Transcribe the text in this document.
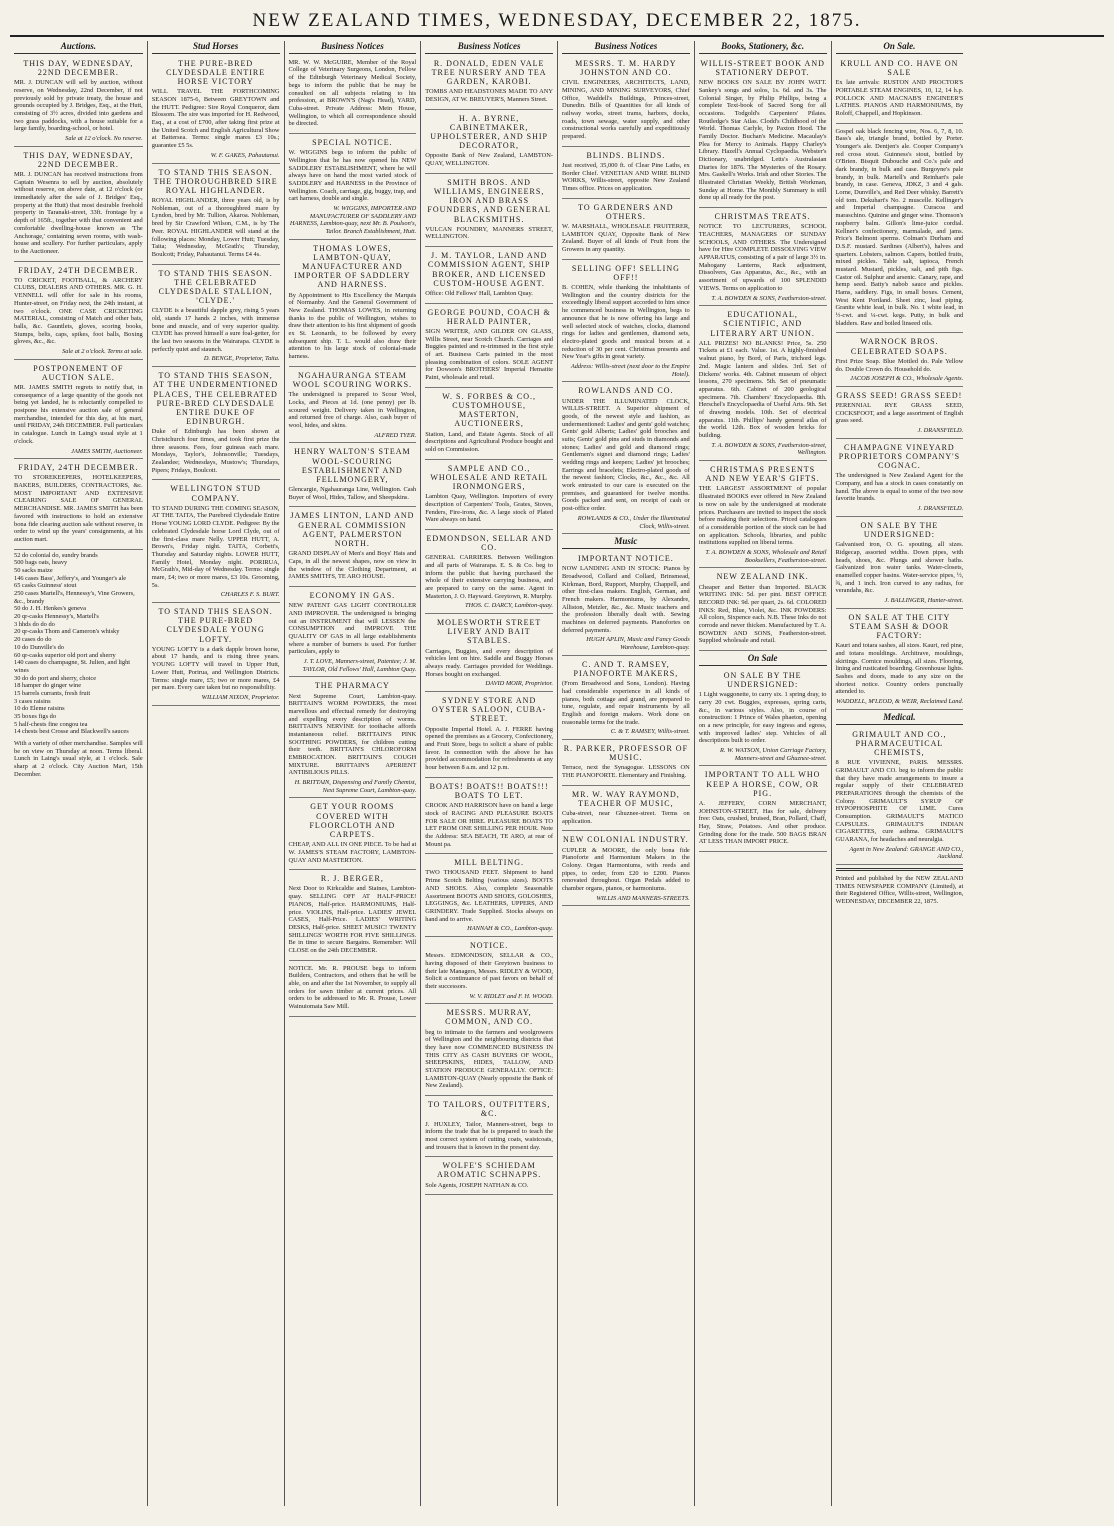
NEW ZEALAND TIMES, WEDNESDAY, DECEMBER 22, 1875.
Auctions.
THIS DAY, WEDNESDAY, 22ND DECEMBER.

MR. J. DUNCAN will sell by auction, without reserve, on Wednesday, 22nd December, if not previously sold by private treaty, the house and grounds occupied by J. Bridges, Esq., at the Hutt, consisting of 3½ acres, divided into gardens and two grass paddocks, with a house suitable for a large family, boarding-school, or hotel.

Sale at 12 o'clock. No reserve.
THIS DAY, WEDNESDAY, 22ND DECEMBER.

MR. J. DUNCAN has received instructions from Captain Wesenra to sell by auction, absolutely without reserve, on above date, at 12 o'clock (or immediately after the sale of J. Bridges' Esq., property at the Hutt) that most desirable freehold property in Taranaki-street, 33ft. frontage by a depth of 165ft., together with that convenient and comfortable dwelling-house known as 'The Anchorage,' containing seven rooms, with wash-house and scullery. For further particulars, apply to the Auctioneer.

FRIDAY, 24TH DECEMBER.

TO CRICKET, FOOTBALL, & ARCHERY CLUBS, DEALERS AND OTHERS. MR. G. H. VENNELL will offer for sale in his rooms, Hunter-street, on Friday next, the 24th instant, at two o'clock. ONE CASE CRICKETING MATERIAL, consisting of Match and other bats, balls, &c. Gauntlets, gloves, scoring books, Stumps, belts, caps, spikes, foot balls, Boxing gloves, &c., &c.

Sale at 2 o'clock. Terms at sale.
POSTPONEMENT OF AUCTION SALE.

MR. JAMES SMITH regrets to notify that, in consequence of a large quantity of the goods not being yet landed, he is reluctantly compelled to postpone his extensive auction sale of general merchandise, intended for this day, at his mart, until FRIDAY, 24th DECEMBER. Full particulars in catalogue. Lunch in Laing's usual style at 1 o'clock.

JAMES SMITH, Auctioneer.
FRIDAY, 24TH DECEMBER.

TO STOREKEEPERS, HOTELKEEPERS, BAKERS, BUILDERS, CONTRACTORS, &c. MOST IMPORTANT AND EXTENSIVE CLEARING SALE OF GENERAL MERCHANDISE. MR. JAMES SMITH has been favored with instructions to hold an extensive bona fide clearing auction sale without reserve, in order to wind up the years' consignments, at his auction mart.

52 do colonial do, sundry brands
500 bags oats, heavy
50 sacks maize
146 cases Bass', Jeffery's, and Younger's ale
65 casks Guinness' stout
250 cases Martell's, Hennessy's, Vine Growers, &c., brandy
50 do J. H. Henkes's geneva
20 qr-casks Hennessy's, Martell's
3 hhds do do do
20 qr-casks Thom and Cameron's whisky
20 cases do do
10 do Dunville's do
60 qr-casks superior old port and sherry
140 cases do champagne, St. Julien, and light wines
30 do do port and sherry, choice
18 hamper do ginger wine
15 barrels currants, fresh fruit
3 cases raisins
10 do Eleme raisins
35 boxes figs do
5 half-chests fine congou tea
14 chests best Crosse and Blackwell's sauces
With a variety of other merchandise. Samples will be on view on Thursday at noon. Terms liberal. Lunch in Laing's usual style, at 1 o'clock. Sale sharp at 2 o'clock. City Auction Mart, 15th December.
Stud Horses
THE PURE-BRED CLYDESDALE ENTIRE HORSE VICTORY

WILL TRAVEL THE FORTHCOMING SEASON 1875-6, Between GREYTOWN and the HUTT. Pedigree: Sire Royal Conqueror, dam Blossom. The sire was imported for H. Redwood, Esq., at a cost of £700, after taking first prize at the United Scotch and English Agricultural Show at Battersea. Terms: single mares £3 10s.; guarantee £5 5s.

W. F. GAKES, Pahautanui.
TO STAND THIS SEASON. THE THOROUGHBRED SIRE ROYAL HIGHLANDER.

ROYAL HIGHLANDER, three years old, is by Nobleman, out of a thoroughbred mare by Lyndon, bred by Mr. Tullion, Akaroa. Nobleman, bred by Sir Crawford Wilson, C.M., is by The Peer. ROYAL HIGHLANDER will stand at the following places: Monday, Lower Hutt; Tuesday, Taita; Wednesday, McGrath's; Thursday, Boulcott; Friday, Pahautanui. Terms £4 4s.

TO STAND THIS SEASON. THE CELEBRATED CLYDESDALE STALLION, 'CLYDE.'

CLYDE is a beautiful dapple grey, rising 5 years old, stands 17 hands 2 inches, with immense bone and muscle, and of very superior quality. CLYDE has proved himself a sure foal-getter, for the last two seasons in the Wairarapa. CLYDE is perfectly quiet and staunch.

D. BENGE, Proprietor, Taita.
TO STAND THIS SEASON, AT THE UNDERMENTIONED PLACES, THE CELEBRATED PURE-BRED CLYDESDALE ENTIRE DUKE OF EDINBURGH.

Duke of Edinburgh has been shown at Christchurch four times, and took first prize the three seasons. Fees, four guineas each mare. Mondays, Taylor's, Johnsonville; Tuesdays, Zealandee; Wednesdays, Mustow's; Thursdays, Pipers; Fridays, Boulcott.

WELLINGTON STUD COMPANY.

TO STAND DURING THE COMING SEASON, AT THE TAITA, The Purebred Clydesdale Entire Horse YOUNG LORD CLYDE. Pedigree: By the celebrated Clydesdale horse Lord Clyde, out of the first-class mare Nelly. UPPER HUTT, A. Brown's, Friday night. TAITA, Corbett's, Thursday and Saturday nights. LOWER HUTT, Family Hotel, Monday night. PORIRUA, McGrath's, Mid-day of Wednesday. Terms: single mare, £4; two or more mares, £3 10s. Grooming, 5s.

CHARLES F. S. BURT.
TO STAND THIS SEASON. THE PURE-BRED CLYDESDALE YOUNG LOFTY.

YOUNG LOFTY is a dark dapple brown horse, about 17 hands, and is rising three years. YOUNG LOFTY will travel in Upper Hutt, Lower Hutt, Porirua, and Wellington Districts. Terms: single mare, £5; two or more mares, £4 per mare. Every care taken but no responsibility.

WILLIAM NIXON, Proprietor.
Business Notices

MR. W. W. McGUIRE, Member of the Royal College of Veterinary Surgeons, London, Fellow of the Edinburgh Veterinary Medical Society, begs to inform the public that he may be consulted on all subjects relating to his profession, at BROWN'S (Nag's Head), YARD, Cuba-street. Private Address: Mein House, Wellington, to which all correspondence should be directed.

SPECIAL NOTICE.

W. WIGGINS begs to inform the public of Wellington that he has now opened his NEW SADDLERY ESTABLISHMENT, where he will always have on hand the most varied stock of SADDLERY and HARNESS in the Province of Wellington. Coach, carriage, gig, buggy, trap, and cart harness, double and single.

W. WIGGINS, IMPORTER AND MANUFACTURER OF SADDLERY AND HARNESS, Lambton-quay, next Mr. B. Poulson's, Tailor. Branch Establishment, Hutt.
THOMAS LOWES, LAMBTON-QUAY, MANUFACTURER AND IMPORTER OF SADDLERY AND HARNESS.

By Appointment to His Excellency the Marquis of Normanby. And the General Government of New Zealand. THOMAS LOWES, in returning thanks to the public of Wellington, wishes to draw their attention to his first shipment of goods ex St. Leonards, to be followed by every subsequent ship. T. L. would also draw their attention to his large stock of colonial-made harness.

NGAHAURANGA STEAM WOOL SCOURING WORKS.

The undersigned is prepared to Scour Wool, Locks, and Pieces at 1d. (one penny) per lb. scoured weight. Delivery taken in Wellington, and returned free of charge. Also, cash buyer of wool, hides, and skins.

ALFRED TYER.
HENRY WALTON'S STEAM WOOL-SCOURING ESTABLISHMENT AND FELLMONGERY,

Glencargie, Ngahauranga Line, Wellington. Cash Buyer of Wool, Hides, Tallow, and Sheepskins.

JAMES LINTON, LAND AND GENERAL COMMISSION AGENT, PALMERSTON NORTH.

GRAND DISPLAY of Men's and Boys' Hats and Caps, in all the newest shapes, now on view in the window of the Clothing Department, at JAMES SMITH'S, TE ARO HOUSE.

ECONOMY IN GAS.

NEW PATENT GAS LIGHT CONTROLLER AND IMPROVER. The undersigned is bringing out an INSTRUMENT that will LESSEN the CONSUMPTION and IMPROVE THE QUALITY OF GAS in all large establishments where a number of burners is used. For further particulars, apply to

J. T. LOVE, Manners-street, Patentee; J. M. TAYLOR, Old Fellows' Hall, Lambton Quay.
THE PHARMACY

Next Supreme Court, Lambton-quay. BRITTAIN'S WORM POWDERS, the most marvellous and effectual remedy for destroying and expelling every description of worms. BRITTAIN'S NERVINE for toothache affords instantaneous relief. BRITTAIN'S PINK SOOTHING POWDERS, for children cutting their teeth. BRITTAIN'S CHLOROFORM EMBROCATION. BRITTAIN'S COUGH MIXTURE. BRITTAIN'S APERIENT ANTIBILIOUS PILLS.

H. BRITTAIN, Dispensing and Family Chemist, Next Supreme Court, Lambton-quay.
GET YOUR ROOMS COVERED WITH FLOORCLOTH AND CARPETS.

CHEAP, AND ALL IN ONE PIECE. To be had at W. JAMES'S STEAM FACTORY, LAMBTON-QUAY AND MASTERTON.

R. J. BERGER,

Next Door to Kirkcaldie and Staines, Lambton-quay. SELLING OFF AT HALF-PRICE! PIANOS, Half-price. HARMONIUMS, Half-price. VIOLINS, Half-price. LADIES' JEWEL CASES, Half-Price. LADIES' WRITING DESKS, Half-price. SHEET MUSIC! TWENTY SHILLINGS' WORTH FOR FIVE SHILLINGS. Be in time to secure Bargains. Remember: Will CLOSE on the 24th DECEMBER.

NOTICE. Mr. R. PROUSE begs to inform Builders, Contractors, and others that he will be able, on and after the 1st November, to supply all orders for sawn timber at current prices. All orders to be addressed to Mr. R. Prouse, Lower Wainuiomata Saw Mill.

Business Notices
R. DONALD, EDEN VALE TREE NURSERY AND TEA GARDEN, KAROBI.

TOMBS AND HEADSTONES MADE TO ANY DESIGN, AT W. BREUYER'S, Manners Street.

H. A. BYRNE, CABINETMAKER, UPHOLSTERER, AND SHIP DECORATOR,

Opposite Bank of New Zealand, LAMBTON-QUAY, WELLINGTON.

SMITH BROS. AND WILLIAMS, ENGINEERS, IRON AND BRASS FOUNDERS, AND GENERAL BLACKSMITHS.

VULCAN FOUNDRY, MANNERS STREET, WELLINGTON.

J. M. TAYLOR, LAND AND COMMISSION AGENT, SHIP BROKER, AND LICENSED CUSTOM-HOUSE AGENT.

Office: Old Fellows' Hall, Lambton Quay.

GEORGE POUND, COACH & HERALD PAINTER,

SIGN WRITER, AND GILDER ON GLASS, Willis Street, near Scotch Church. Carriages and Buggies painted and re-trimmed in the first style of art. Business Carts painted in the most pleasing combination of colors. SOLE AGENT for Dowson's BROTHERS' Imperial Hematite Paint, wholesale and retail.

W. S. FORBES & CO., CUSTOMHOUSE, MASTERTON, AUCTIONEERS,

Station, Land, and Estate Agents. Stock of all descriptions and Agricultural Produce bought and sold on Commission.

SAMPLE AND CO., WHOLESALE AND RETAIL IRONMONGERS,

Lambton Quay, Wellington. Importers of every description of Carpenters' Tools, Grates, Stoves, Fenders, Fire-irons, &c. A large stock of Plated Ware always on hand.

EDMONDSON, SELLAR AND CO.

GENERAL CARRIERS. Between Wellington and all parts of Wairarapa. E. S. & Co. beg to inform the public that having purchased the whole of their extensive carrying business, and are prepared to carry on the same. Agent in Masterton, J. O. Hayward. Greytown, R. Murphy.

THOS. C. DARCY, Lambton-quay.
MOLESWORTH STREET LIVERY AND BAIT STABLES.

Carriages, Buggies, and every description of vehicles lent on hire. Saddle and Buggy Horses always ready. Carriages provided for Weddings. Horses bought on exchanged.

DAVID MOIR, Proprietor.
SYDNEY STORE AND OYSTER SALOON, CUBA-STREET.

Opposite Imperial Hotel. A. J. FERRE having opened the premises as a Grocery, Confectionery, and Fruit Store, begs to solicit a share of public favor. In connection with the above he has provided accommodation for refreshments at any hour between 8 a.m. and 12 p.m.

BOATS! BOATS!! BOATS!!! BOATS TO LET.

CROOK AND HARRISON have on hand a large stock of RACING AND PLEASURE BOATS FOR SALE OR HIRE. PLEASURE BOATS TO LET FROM ONE SHILLING PER HOUR. Note the Address: SEA BEACH, TE ARO, at rear of Mount pa.

MILL BELTING.

TWO THOUSAND FEET. Shipment to hand Prime Scotch Belting (various sizes). BOOTS AND SHOES. Also, complete Seasonable Assortment BOOTS AND SHOES, GOLOSHES, LEGGINGS, &c. LEATHERS, UPPERS, AND GRINDERY. Trade Supplied. Stocks always on hand and to arrive.

HANNAH & CO., Lambton-quay.
NOTICE.

Messrs. EDMONDSON, SELLAR & CO., having disposed of their Greytown business to their late Managers, Messrs. RIDLEY & WOOD, Solicit a continuance of past favors on behalf of their successors.

W. V. RIDLEY and F. H. WOOD.
MESSRS. MURRAY, COMMON, AND CO.

beg to intimate to the farmers and woolgrowers of Wellington and the neighbouring districts that they have now COMMENCED BUSINESS IN THIS CITY AS CASH BUYERS OF WOOL, SHEEPSKINS, HIDES, TALLOW, AND STATION PRODUCE GENERALLY. OFFICE: LAMBTON-QUAY (Nearly opposite the Bank of New Zealand).

TO TAILORS, OUTFITTERS, &C.

J. HUXLEY, Tailor, Manners-street, begs to inform the trade that he is prepared to teach the most correct system of cutting coats, waistcoats, and trousers that is known in the present day.

WOLFE'S SCHIEDAM AROMATIC SCHNAPPS.

Sole Agents, JOSEPH NATHAN & CO.

Business Notices
MESSRS. T. M. HARDY JOHNSTON AND CO.

CIVIL ENGINEERS, ARCHITECTS, LAND, MINING, AND MINING SURVEYORS, Chief Office, Waddell's Buildings, Princes-street, Dunedin. Bills of Quantities for all kinds of railway works, street trams, harbors, docks, roads, town sewage, water supply, and other constructional works carefully and expeditiously prepared.

BLINDS. BLINDS.

Just received, 35,000 ft. of Clear Pine Laths, ex Border Chief. VENETIAN AND WIRE BLIND WORKS, Willis-street, opposite New Zealand Times office. Prices on application.

TO GARDENERS AND OTHERS.

W. MARSHALL, WHOLESALE FRUITERER, LAMBTON QUAY, Opposite Bank of New Zealand. Buyer of all kinds of Fruit from the Growers in any quantity.

SELLING OFF! SELLING OFF!!

B. COHEN, while thanking the inhabitants of Wellington and the country districts for the exceedingly liberal support accorded to him since he commenced business in Wellington, begs to announce that he is now offering his large and well selected stock of watches, clocks, diamond rings for ladies and gentlemen, diamond sets, electro-plated goods and musical boxes at a reduction of 30 per cent. Christmas presents and New Year's gifts in great variety.

Address: Willis-street (next door to the Empire Hotel).
ROWLANDS AND CO.

UNDER THE ILLUMINATED CLOCK, WILLIS-STREET. A Superior shipment of goods, of the newest style and fashion, as undermentioned: Ladies' and gents' gold watches; Gents' gold Alberts; Ladies' gold brooches and suits; Gents' gold pins and studs in diamonds and stones; Ladies' and gold and diamond rings; Gentlemen's signet and diamond rings; Ladies' wedding rings and keepers; Ladies' jet brooches; Earrings and bracelets; Electro-plated goods of the newest fashion; Clocks, &c., &c., &c. All work entrusted to our care is executed on the premises, and guaranteed for twelve months. Goods packed and sent, on receipt of cash or post-office order.

ROWLANDS & CO., Under the Illuminated Clock, Willis-street.
Music
IMPORTANT NOTICE.

NOW LANDING AND IN STOCK: Pianos by Broadwood, Collard and Collard, Brinsmead, Kirkman, Bord, Rupport, Murphy, Chappell, and other first-class makers. English, German, and French makers. Harmoniums, by Alexandre, Alliston, Metzler, &c., &c. Music teachers and the profession liberally dealt with. Sewing machines on deferred payments. Pianofortes on deferred payments.

HUGH APLIN, Music and Fancy Goods Warehouse, Lambton-quay.
C. AND T. RAMSEY, PIANOFORTE MAKERS,

(From Broadwood and Sons, London). Having had considerable experience in all kinds of pianos, both cottage and grand, are prepared to tune, regulate, and repair instruments by all English and foreign makers. Work done on reasonable terms for the trade.

C. & T. RAMSEY, Willis-street.
R. PARKER, PROFESSOR OF MUSIC.

Terrace, next the Synagogue. LESSONS ON THE PIANOFORTE. Elementary and Finishing.

MR. W. WAY RAYMOND, TEACHER OF MUSIC,

Cuba-street, near Ghuznee-street. Terms on application.

NEW COLONIAL INDUSTRY.

CUPLER & MOORE, the only bona fide Pianoforte and Harmonium Makers in the Colony. Organ Harmoniums, with reeds and pipes, to order, from £20 to £200. Pianos renovated throughout. Organ Pedals added to chamber organs, pianos, or harmoniums.

WILLIS AND MANNERS-STREETS.
Books, Stationery, &c.
WILLIS-STREET BOOK AND STATIONERY DEPOT.

NEW BOOKS ON SALE BY JOHN WATT. Sankey's songs and solos, 1s. 6d. and 3s. The Colonial Singer, by Philip Phillips, being a complete Text-book of Sacred Song for all occasions. Todgold's Carpenters' Pilates. Routledge's Star Atlas. Clodd's Childhood of the World. Thomas Carlyle, by Paxton Hood. The Family Doctor. Buchan's Medicine. Macaulay's Plea for Mercy to Animals. Happy Charley's Library. Hazell's Annual Cyclopaedia. Webster's Dictionary, unabridged. Letts's Australasian Diaries for 1876. The Mysteries of the Rosary. Mrs. Gaskell's Works. Irish and other Stories. The Illustrated Christian Weekly, British Workman, Sunday at Home. The Monthly Summary is still done up all ready for the post.

CHRISTMAS TREATS.

NOTICE TO LECTURERS, SCHOOL TEACHERS, MANAGERS OF SUNDAY SCHOOLS, AND OTHERS. The Undersigned have for Hire COMPLETE DISSOLVING VIEW APPARATUS, consisting of a pair of large 3½ in. Mahogany Lanterns, Rack adjustment, Dissolvers, Gas Apparatus, &c., &c., with an assortment of upwards of 100 SPLENDID VIEWS. Terms on application to

T. A. BOWDEN & SONS, Featherston-street.
EDUCATIONAL, SCIENTIFIC, AND LITERARY ART UNION.

ALL PRIZES! NO BLANKS! Price, 5s. 250 Tickets at £1 each. Value. 1st. A highly-finished walnut piano, by Bord, of Paris, trichord legs. 2nd. Magic lantern and slides. 3rd. Set of Dickens' works. 4th. Cabinet museum of object lessons, 270 specimens. 5th. Set of pneumatic apparatus. 6th. Cabinet of 200 geological specimens. 7th. Chambers' Encyclopaedia. 8th. Herschel's Encyclopaedia of Useful Arts. 9th. Set of drawing models. 10th. Set of electrical apparatus. 11th. Phillips' handy general atlas of the world. 12th. Box of wooden bricks for building.

T. A. BOWDEN & SONS, Featherston-street, Wellington.
CHRISTMAS PRESENTS AND NEW YEAR'S GIFTS.

THE LARGEST ASSORTMENT of popular Illustrated BOOKS ever offered in New Zealand is now on sale by the undersigned at moderate prices. Purchasers are invited to inspect the stock before making their selections. Priced catalogues of a considerable portion of the stock can be had on application. Schools, libraries, and public institutions supplied on liberal terms.

T. A. BOWDEN & SONS, Wholesale and Retail Booksellers, Featherston-street.
NEW ZEALAND INK.

Cheaper and Better than Imported. BLACK WRITING INK: 5d. per pint. BEST OFFICE RECORD INK: 9d. per quart, 2s. 6d. COLORED INKS: Red, Blue, Violet, &c. INK POWDERS: All colors, Sixpence each. N.B. These Inks do not corrode and never thicken. Manufactured by T. A. BOWDEN AND SONS, Featherston-street. Supplied wholesale and retail.

On Sale
ON SALE BY THE UNDERSIGNED:

1 Light waggonette, to carry six. 1 spring dray, to carry 20 cwt. Buggies, expresses, spring carts, &c., in various styles. Also, in course of construction: 1 Prince of Wales phaeton, opening on a new principle, for easy ingress and egress, with improved ladies' step. Vehicles of all descriptions built to order.

R. W. WATSON, Union Carriage Factory, Manners-street and Ghuznee-street.
IMPORTANT TO ALL WHO KEEP A HORSE, COW, OR PIG.

A. JEFFERY, CORN MERCHANT, JOHNSTON-STREET, Has for sale, delivery free: Oats, crushed, bruised, Bran, Pollard, Chaff, Hay, Straw, Potatoes. And other produce. Grinding done for the trade. 500 BAGS BRAN AT LESS THAN IMPORT PRICE.

On Sale.
KRULL AND CO. HAVE ON SALE

Ex late arrivals: RUSTON AND PROCTOR'S PORTABLE STEAM ENGINES, 10, 12, 14 h.p. POLLOCK AND MACNAB'S ENGINEER'S LATHES. PIANOS AND HARMONIUMS, By Roloff, Chappell, and Hopkinson.

Gospel oak black fencing wire, Nos. 6, 7, 8, 10. Bass's ale, triangle brand, bottled by Porter. Younger's ale. Dentjen's ale. Cooper Company's red cross stout. Guinness's stout, bottled by O'Brien. Bisquit Dubouche and Co.'s pale and dark brandy, in bulk and case. Burgoyne's pale brandy, in bulk. Martell's and Reinhart's pale brandy, in case. Geneva, JDKZ, 3 and 4 gals. Lorne, Dunville's, and Red Deer whisky. Barrett's old tom. Dekuhart's No. 2 muscelle. Kellinger's and Imperial champagne. Curacoa and maraschino. Quinine and ginger wine. Thomson's raspberry balm. Gillon's lime-juice cordial. Kellner's confectionery, marmalade, and jams. Price's Belmont sperms. Colman's Durham and D.S.F. mustard. Sardines (Albert's), halves and quarters. Lobsters, salmon. Capers, bottled fruits, mixed pickles. Table salt, tapioca, French mustard. Mustard, pickles, salt, and pith figs. Castor oil. Sulphur and arsenic. Canary, rape, and hemp seed. Batty's nabob sauce and pickles. Hams, saddlery. Figs, in small boxes. Cement, West Kent Portland. Sheet zinc, lead piping. Granite white lead, in bulk. No. 1 white lead, in ½-cwt. and ¼-cwt. kegs. Putty, in bulk and bladders. Raw and boiled linseed oils.

WARNOCK BROS. CELEBRATED SOAPS.

First Prize Soap. Blue Mottled do. Pale Yellow do. Double Crown do. Household do.

JACOB JOSEPH & CO., Wholesale Agents.
GRASS SEED! GRASS SEED!

PERENNIAL RYE GRASS SEED, COCKSFOOT, and a large assortment of English grass seed.

J. DRANSFIELD.
CHAMPAGNE VINEYARD PROPRIETORS COMPANY'S COGNAC.

The undersigned is New Zealand Agent for the Company, and has a stock in cases constantly on hand. The above is equal to some of the two now favorite brands.

J. DRANSFIELD.
ON SALE BY THE UNDERSIGNED:

Galvanised iron, O. G. spouting, all sizes. Ridgecap, assorted widths. Down pipes, with heads, shoes, &c. Plungs and shower baths. Galvanized iron water tanks. Water-closets, enamelled copper basins. Water-service pipes, ½, ¾, and 1 inch. Iron curved to any radius, for verandahs, &c.

J. BALLINGER, Hunter-street.
ON SALE AT THE CITY STEAM SASH & DOOR FACTORY:

Kauri and totara sashes, all sizes. Kauri, red pine, and totara mouldings. Architrave, mouldings, skirtings. Cornice mouldings, all sizes. Flooring, lining and rusticated boarding. Greenhouse lights. Sashes and doors, made to any size on the shortest notice. Country orders punctually attended to.

WADDELL, M'LEOD, & WEIR, Reclaimed Land.
Medical.
GRIMAULT AND CO., PHARMACEUTICAL CHEMISTS,

8 RUE VIVIENNE, PARIS. MESSRS. GRIMAULT AND CO. beg to inform the public that they have made arrangements to insure a regular supply of their CELEBRATED PREPARATIONS through the chemists of the Colony. GRIMAULT'S SYRUP OF HYPOPHOSPHITE OF LIME. Cures Consumption. GRIMAULT'S MATICO CAPSULES. GRIMAULT'S INDIAN CIGARETTES, cure asthma. GRIMAULT'S GUARANA, for headaches and neuralgia.

Agent in New Zealand: GRANGE AND CO., Auckland.
Printed and published by the NEW ZEALAND TIMES NEWSPAPER COMPANY (Limited), at their Registered Office, Willis-street, Wellington, WEDNESDAY, DECEMBER 22, 1875.
